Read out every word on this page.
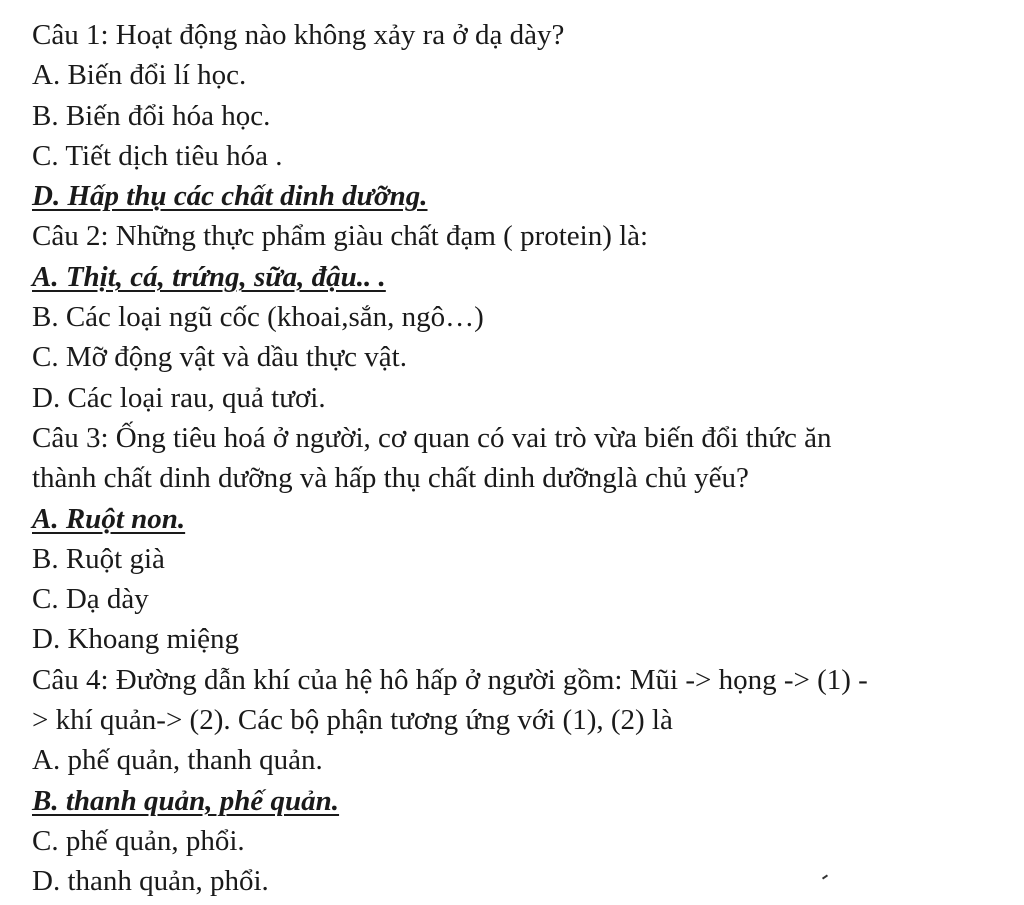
Câu 1: Hoạt động nào không xảy ra ở dạ dày?
A. Biến đổi lí học.
B. Biến đổi hóa học.
C. Tiết dịch tiêu hóa .
D. Hấp thụ các chất dinh dưỡng.
Câu 2: Những thực phẩm giàu chất đạm ( protein) là:
A. Thịt, cá, trứng, sữa, đậu.. .
B. Các loại ngũ cốc (khoai,sắn, ngô…)
C. Mỡ động vật và dầu thực vật.
D. Các loại rau, quả tươi.
Câu 3: Ống tiêu hoá ở người, cơ quan có vai trò vừa biến đổi thức ăn
thành chất dinh dưỡng và hấp thụ chất dinh dưỡnglà chủ yếu?
A. Ruột non.
B. Ruột già
C. Dạ dày
D. Khoang miệng
Câu 4: Đường dẫn khí của hệ hô hấp ở người gồm: Mũi -> họng -> (1) -
> khí quản-> (2). Các bộ phận tương ứng với (1), (2) là
A. phế quản, thanh quản.
B. thanh quản, phế quản.
C. phế quản, phổi.
D. thanh quản, phổi.
